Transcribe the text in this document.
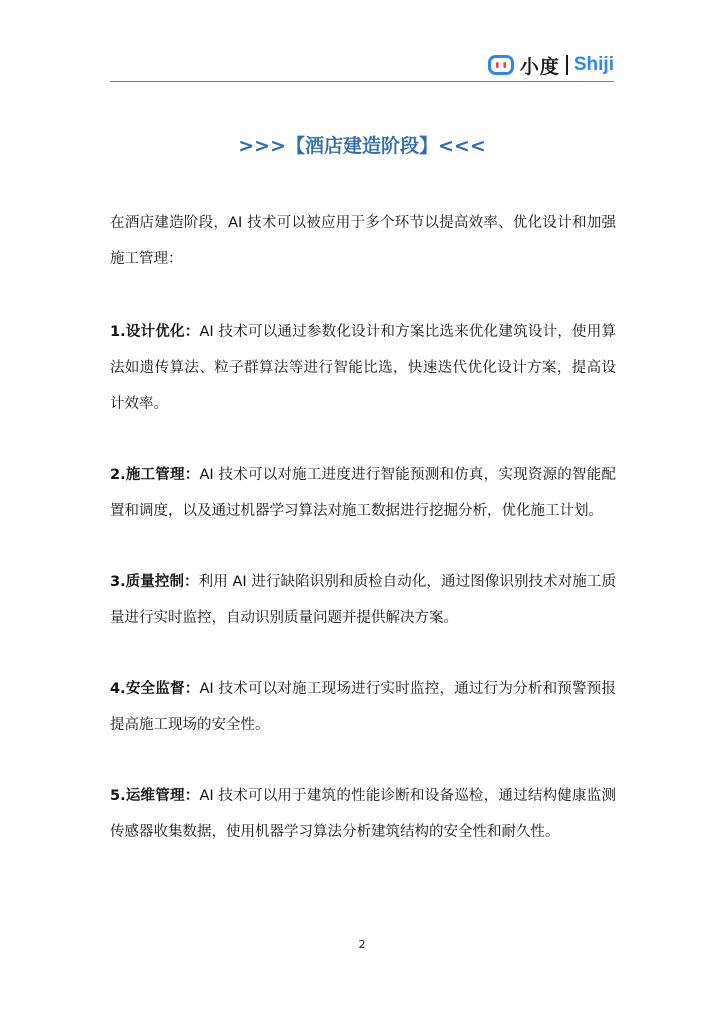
小度 Shiji
>>>【酒店建造阶段】<<<

在酒店建造阶段，AI 技术可以被应用于多个环节以提高效率、优化设计和加强施工管理：

1.设计优化：AI 技术可以通过参数化设计和方案比选来优化建筑设计，使用算法如遗传算法、粒子群算法等进行智能比选，快速迭代优化设计方案，提高设计效率。

2.施工管理：AI 技术可以对施工进度进行智能预测和仿真，实现资源的智能配置和调度，以及通过机器学习算法对施工数据进行挖掘分析，优化施工计划。

3.质量控制：利用 AI 进行缺陷识别和质检自动化，通过图像识别技术对施工质量进行实时监控，自动识别质量问题并提供解决方案。

4.安全监督：AI 技术可以对施工现场进行实时监控，通过行为分析和预警预报提高施工现场的安全性。

5.运维管理：AI 技术可以用于建筑的性能诊断和设备巡检，通过结构健康监测传感器收集数据，使用机器学习算法分析建筑结构的安全性和耐久性。

2
